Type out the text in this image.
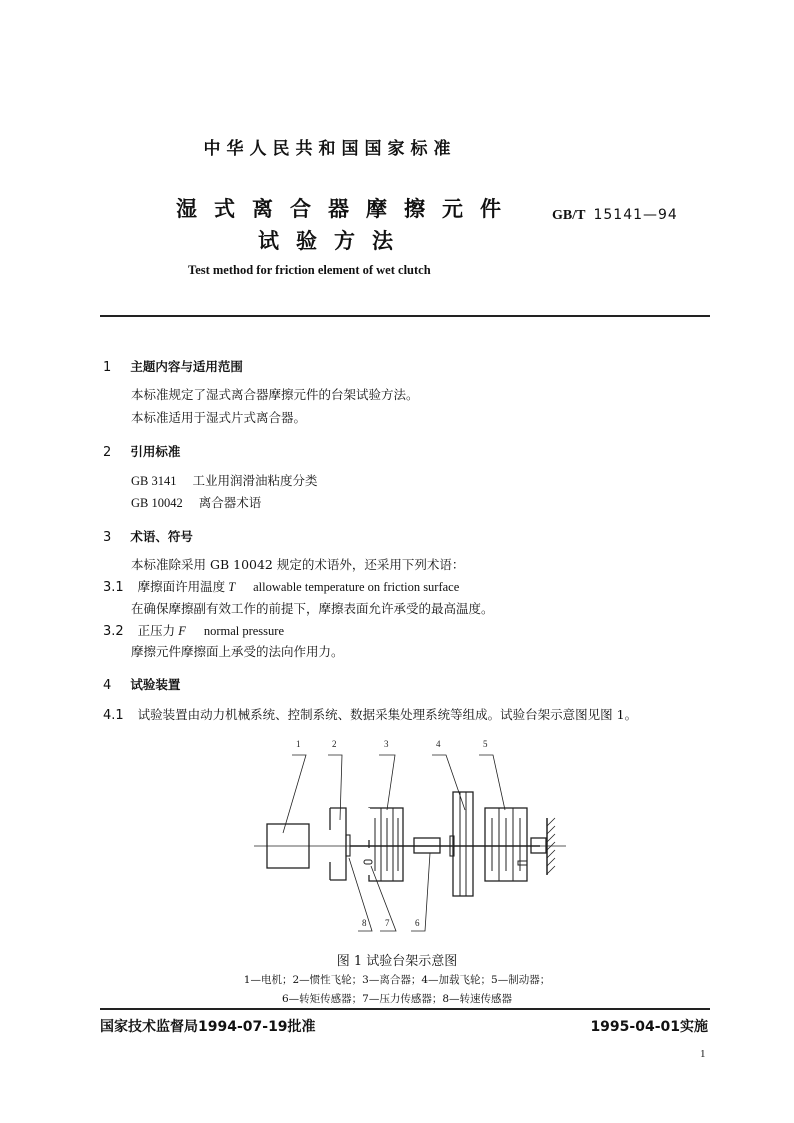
中华人民共和国国家标准
湿式离合器摩擦元件
试验方法
GB/T 15141—94
Test method for friction element of wet clutch
1 主题内容与适用范围
本标准规定了湿式离合器摩擦元件的台架试验方法。
本标准适用于湿式片式离合器。
2 引用标准
GB 3141 工业用润滑油粘度分类
GB 10042 离合器术语
3 术语、符号
本标准除采用 GB 10042 规定的术语外，还采用下列术语：
3.1 摩擦面许用温度 T allowable temperature on friction surface
在确保摩擦副有效工作的前提下，摩擦表面允许承受的最高温度。
3.2 正压力 F normal pressure
摩擦元件摩擦面上承受的法向作用力。
4 试验装置
4.1 试验装置由动力机械系统、控制系统、数据采集处理系统等组成。试验台架示意图见图 1。
1	2	3	4	5
6
7
8
图 1 试验台架示意图
1—电机；2—惯性飞轮；3—离合器；4—加载飞轮；5—制动器；
6—转矩传感器；7—压力传感器；8—转速传感器
国家技术监督局1994-07-19批准	1995-04-01实施
1
